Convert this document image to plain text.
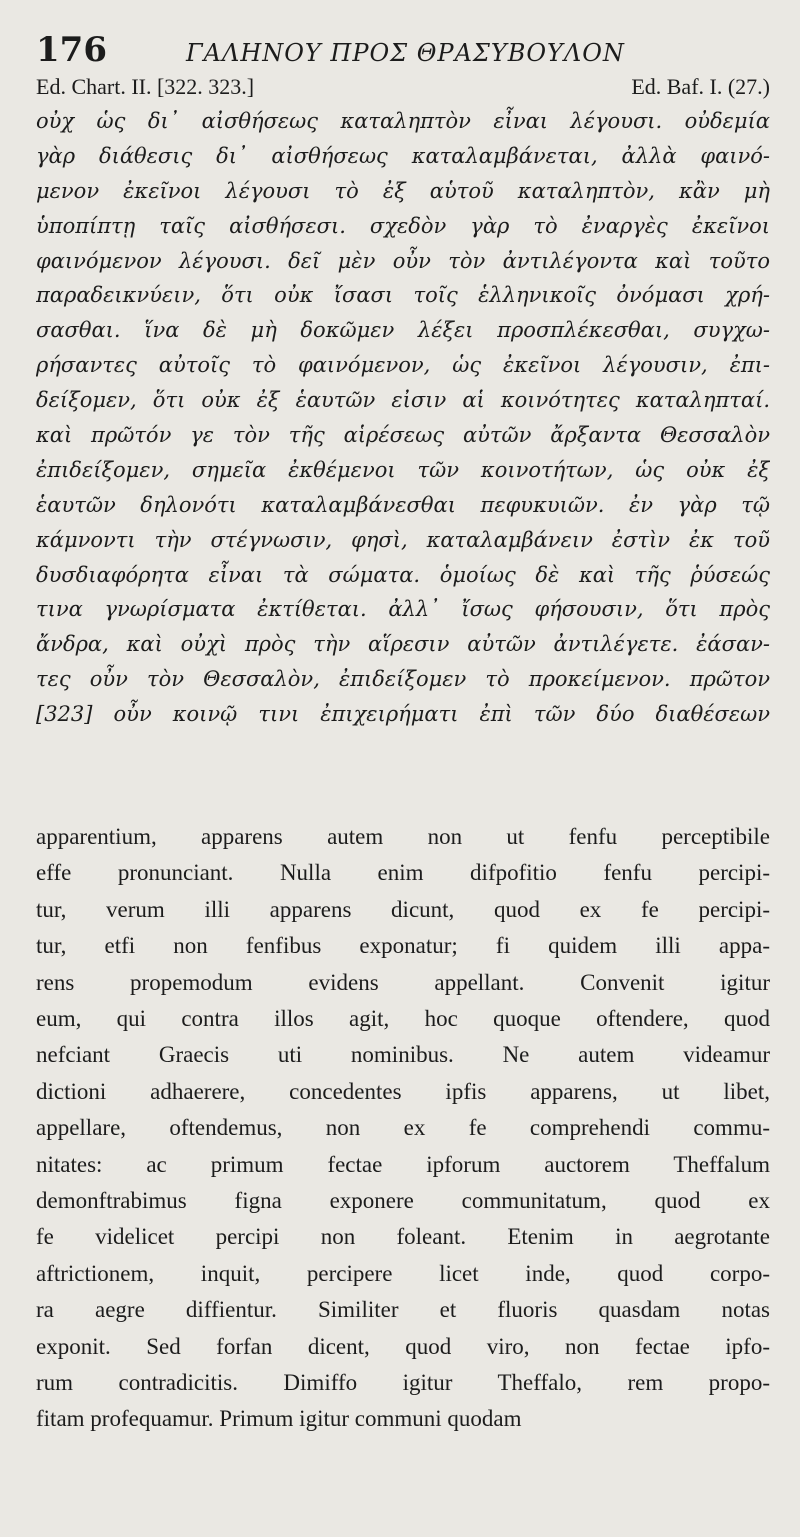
176	ΓΑΛΗΝΟΥ ΠΡΟΣ ΘΡΑΣΥΒΟΥΛΟΝ
Ed. Chart. II. [322. 323.]	Ed. Baf. I. (27.)
οὐχ ὡς δι᾽ αἰσθήσεως καταληπτὸν εἶναι λέγουσι. οὐδεμία
γὰρ διάθεσις δι᾽ αἰσθήσεως καταλαμβάνεται, ἀλλὰ φαινό-
μενον ἐκεῖνοι λέγουσι τὸ ἐξ αὑτοῦ καταληπτὸν, κἂν μὴ
ὑποπίπτῃ ταῖς αἰσθήσεσι. σχεδὸν γὰρ τὸ ἐναργὲς ἐκεῖνοι
φαινόμενον λέγουσι. δεῖ μὲν οὖν τὸν ἀντιλέγοντα καὶ τοῦτο
παραδεικνύειν, ὅτι οὐκ ἴσασι τοῖς ἑλληνικοῖς ὀνόμασι χρή-
σασθαι. ἵνα δὲ μὴ δοκῶμεν λέξει προσπλέκεσθαι, συγχω-
ρήσαντες αὐτοῖς τὸ φαινόμενον, ὡς ἐκεῖνοι λέγουσιν, ἐπι-
δείξομεν, ὅτι οὐκ ἐξ ἑαυτῶν εἰσιν αἱ κοινότητες καταληπταί.
καὶ πρῶτόν γε τὸν τῆς αἱρέσεως αὐτῶν ἄρξαντα Θεσσαλὸν
ἐπιδείξομεν, σημεῖα ἐκθέμενοι τῶν κοινοτήτων, ὡς οὐκ ἐξ
ἑαυτῶν δηλονότι καταλαμβάνεσθαι πεφυκυιῶν. ἐν γὰρ τῷ
κάμνοντι τὴν στέγνωσιν, φησὶ, καταλαμβάνειν ἐστὶν ἐκ τοῦ
δυσδιαφόρητα εἶναι τὰ σώματα. ὁμοίως δὲ καὶ τῆς ῥύσεώς
τινα γνωρίσματα ἐκτίθεται. ἀλλ᾽ ἴσως φήσουσιν, ὅτι πρὸς
ἄνδρα, καὶ οὐχὶ πρὸς τὴν αἵρεσιν αὐτῶν ἀντιλέγετε. ἐάσαν-
τες οὖν τὸν Θεσσαλὸν, ἐπιδείξομεν τὸ προκείμενον. πρῶτον
[323] οὖν κοινῷ τινι ἐπιχειρήματι ἐπὶ τῶν δύο διαθέσεων
apparentium, apparens autem non ut fenfu perceptibile
effe pronunciant. Nulla enim difpofitio fenfu percipi-
tur, verum illi apparens dicunt, quod ex fe percipi-
tur, etfi non fenfibus exponatur; fi quidem illi appa-
rens propemodum evidens appellant. Convenit igitur
eum, qui contra illos agit, hoc quoque oftendere, quod
nefciant Graecis uti nominibus. Ne autem videamur
dictioni adhaerere, concedentes ipfis apparens, ut libet,
appellare, oftendemus, non ex fe comprehendi commu-
nitates: ac primum fectae ipforum auctorem Theffalum
demonftrabimus figna exponere communitatum, quod ex
fe videlicet percipi non foleant. Etenim in aegrotante
aftrictionem, inquit, percipere licet inde, quod corpo-
ra aegre diffientur. Similiter et fluoris quasdam notas
exponit. Sed forfan dicent, quod viro, non fectae ipfo-
rum contradicitis. Dimiffo igitur Theffalo, rem propo-
fitam profequamur. Primum igitur communi quodam
